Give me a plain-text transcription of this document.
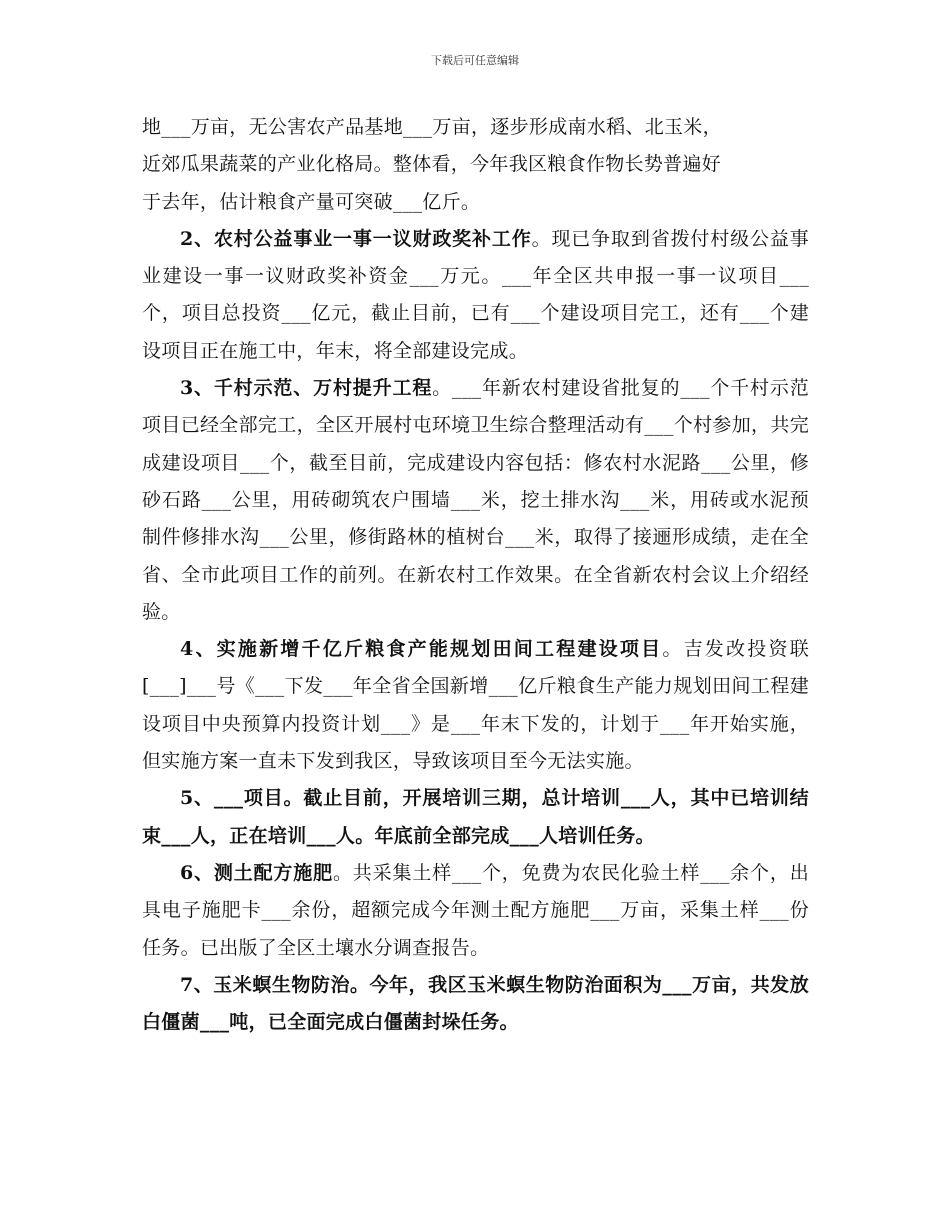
下载后可任意编辑

地___万亩，无公害农产品基地___万亩，逐步形成南水稻、北玉米，
近郊瓜果蔬菜的产业化格局。整体看，今年我区粮食作物长势普遍好
于去年，估计粮食产量可突破___亿斤。

2、农村公益事业一事一议财政奖补工作。现已争取到省拨付村级公益事业建设一事一议财政奖补资金___万元。___年全区共申报一事一议项目___个，项目总投资___亿元，截止目前，已有___个建设项目完工，还有___个建设项目正在施工中，年末，将全部建设完成。

3、千村示范、万村提升工程。___年新农村建设省批复的___个千村示范项目已经全部完工，全区开展村屯环境卫生综合整理活动有___个村参加，共完成建设项目___个，截至目前，完成建设内容包括：修农村水泥路___公里，修砂石路___公里，用砖砌筑农户围墙___米，挖土排水沟___米，用砖或水泥预制件修排水沟___公里，修街路林的植树台___米，取得了接逦形成绩，走在全省、全市此项目工作的前列。在新农村工作效果。在全省新农村会议上介绍经验。

4、实施新增千亿斤粮食产能规划田间工程建设项目。吉发改投资联[___]___号《___下发___年全省全国新增___亿斤粮食生产能力规划田间工程建设项目中央预算内投资计划___》是___年末下发的，计划于___年开始实施，但实施方案一直未下发到我区，导致该项目至今无法实施。

5、___项目。截止目前，开展培训三期，总计培训___人，其中已培训结束___人，正在培训___人。年底前全部完成___人培训任务。

6、测土配方施肥。共采集土样___个，免费为农民化验土样___余个，出具电子施肥卡___余份，超额完成今年测土配方施肥___万亩，采集土样___份任务。已出版了全区土壤水分调查报告。

7、玉米螟生物防治。今年，我区玉米螟生物防治面积为___万亩，共发放白僵菌___吨，已全面完成白僵菌封垛任务。
